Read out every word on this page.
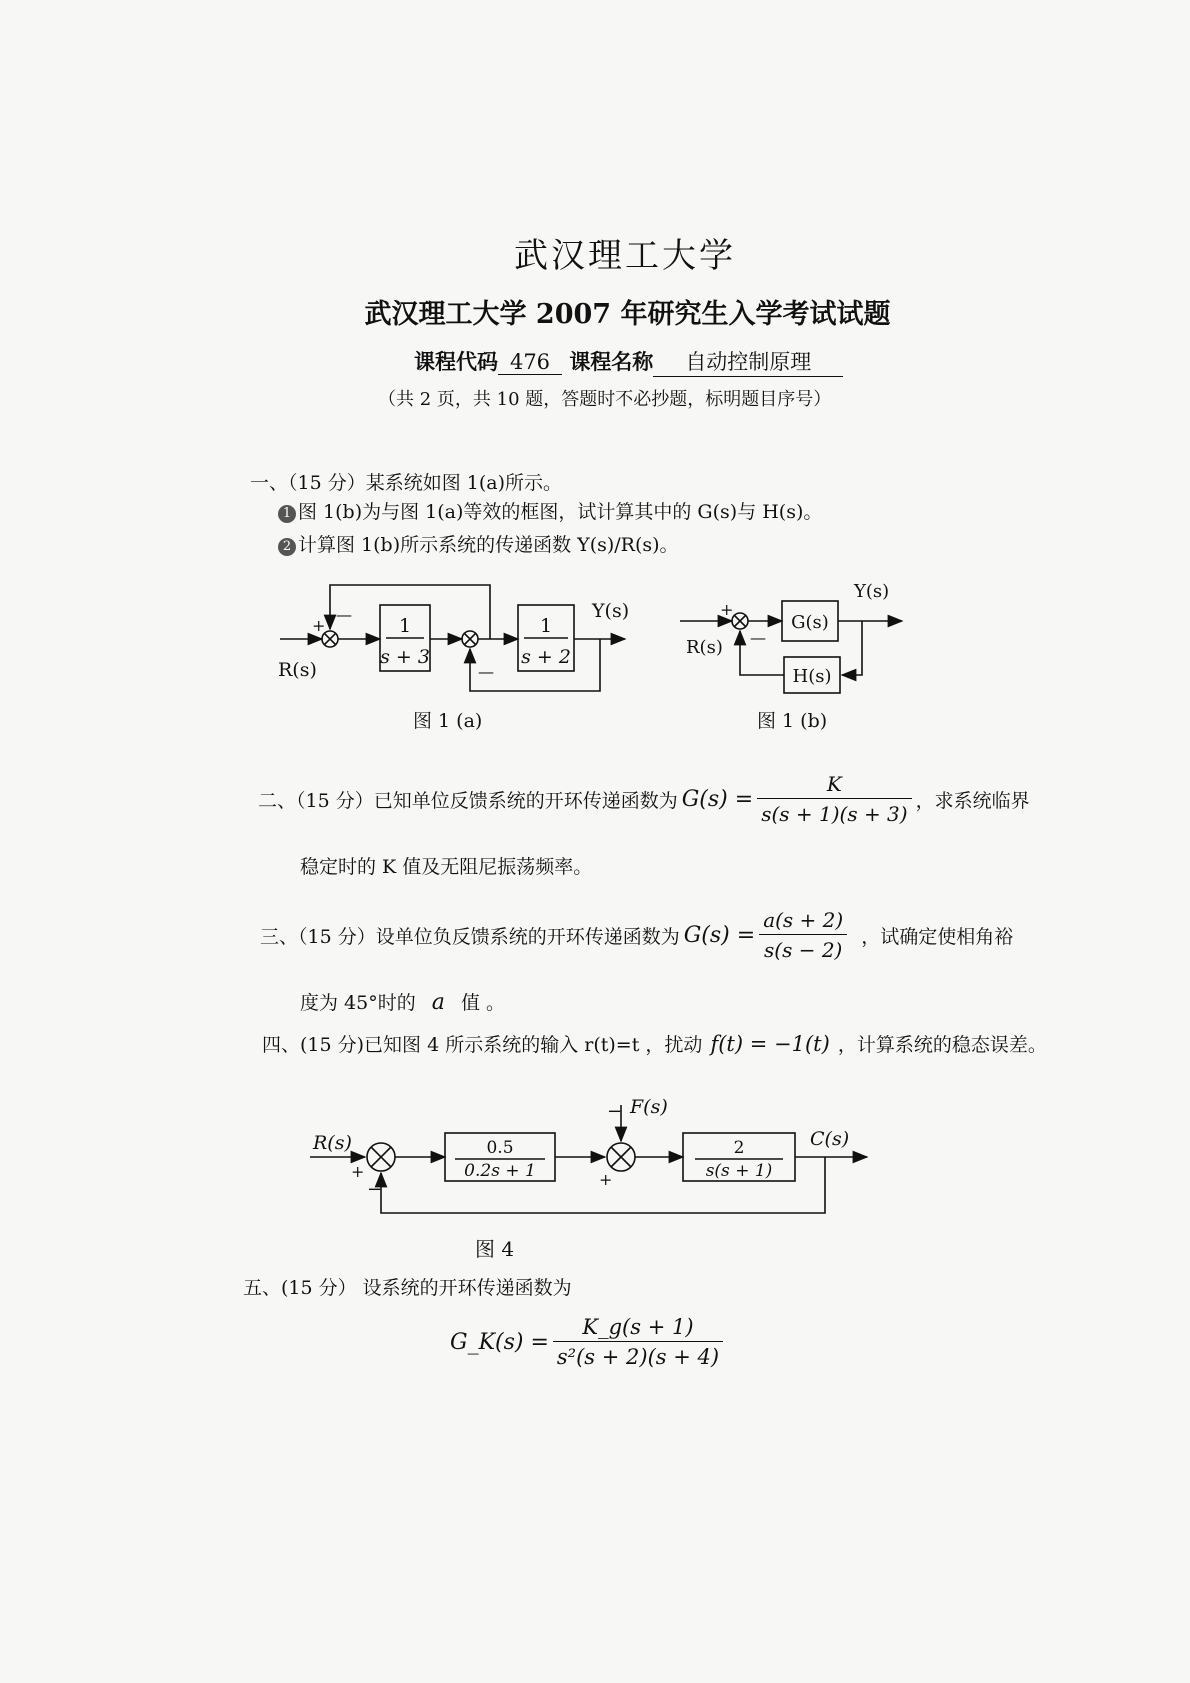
武汉理工大学
武汉理工大学 2007 年研究生入学考试试题
课程代码 476 课程名称 自动控制原理
（共 2 页，共 10 题，答题时不必抄题，标明题目序号）
一、（15 分）某系统如图 1(a)所示。
1 图 1(b)为与图 1(a)等效的框图，试计算其中的 G(s)与 H(s)。
2 计算图 1(b)所示系统的传递函数 Y(s)/R(s)。
1
s + 3
1
s + 2
R(s)
Y(s)
+
—
—
图 1 (a)
G(s)
H(s)
R(s)
Y(s)
+
—
图 1 (b)
二、（15 分）已知单位反馈系统的开环传递函数为 $G(s) = \frac{K}{s(s + 1)(s + 3)}$ ，求系统临界
稳定时的 K 值及无阻尼振荡频率。
三、（15 分）设单位负反馈系统的开环传递函数为 $G(s) = \frac{a(s + 2)}{s(s - 2)}$ ，试确定使相角裕
度为 45°时的 a 值 。
四、(15 分)已知图 4 所示系统的输入 r(t)=t ，扰动 f(t) = −1(t) ，计算系统的稳态误差。
0.5
0.2s + 1
2
s(s + 1)
R(s)	C(s)
F(s)
+
−	+
−
图 4
五、(15 分） 设系统的开环传递函数为
G_K(s) = $\frac{K\_g(s + 1)}{\text{s²(s + 2)(s + 4)}}$
